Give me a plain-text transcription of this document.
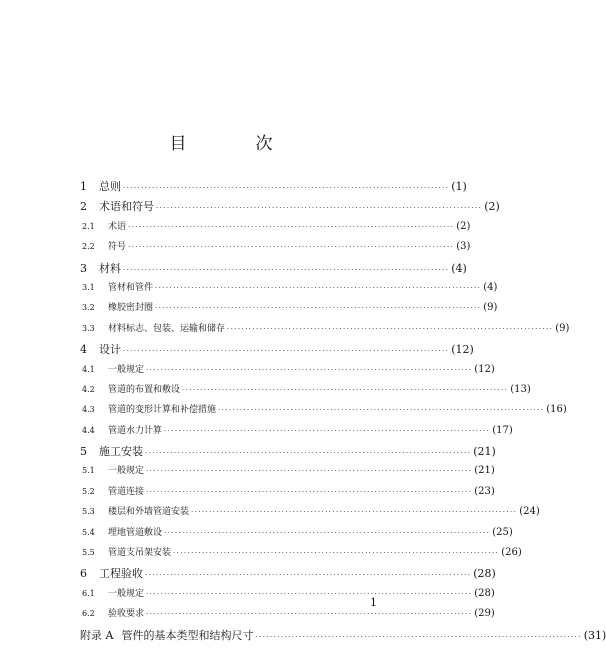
目　次
1	总则 ·························································································· (1)
2	术语和符号 ·························································································· (2)
2.1	术语 ·························································································· (2)
2.2	符号 ·························································································· (3)
3	材料 ·························································································· (4)
3.1	管材和管件 ·························································································· (4)
3.2	橡胶密封圈 ·························································································· (9)
3.3	材料标志、包装、运输和储存 ·························································································· (9)
4	设计 ·························································································· (12)
4.1	一般规定 ·························································································· (12)
4.2	管道的布置和敷设 ·························································································· (13)
4.3	管道的变形计算和补偿措施 ·························································································· (16)
4.4	管道水力计算 ·························································································· (17)
5	施工安装 ·························································································· (21)
5.1	一般规定 ·························································································· (21)
5.2	管道连接 ·························································································· (23)
5.3	楼层和外墙管道安装 ·························································································· (24)
5.4	埋地管道敷设 ·························································································· (25)
5.5	管道支吊架安装 ·························································································· (26)
6	工程验收 ·························································································· (28)
6.1	一般规定 ·························································································· (28)
6.2	验收要求 ·························································································· (29)
附录 A 管件的基本类型和结构尺寸 ·························································································· (31)
1
